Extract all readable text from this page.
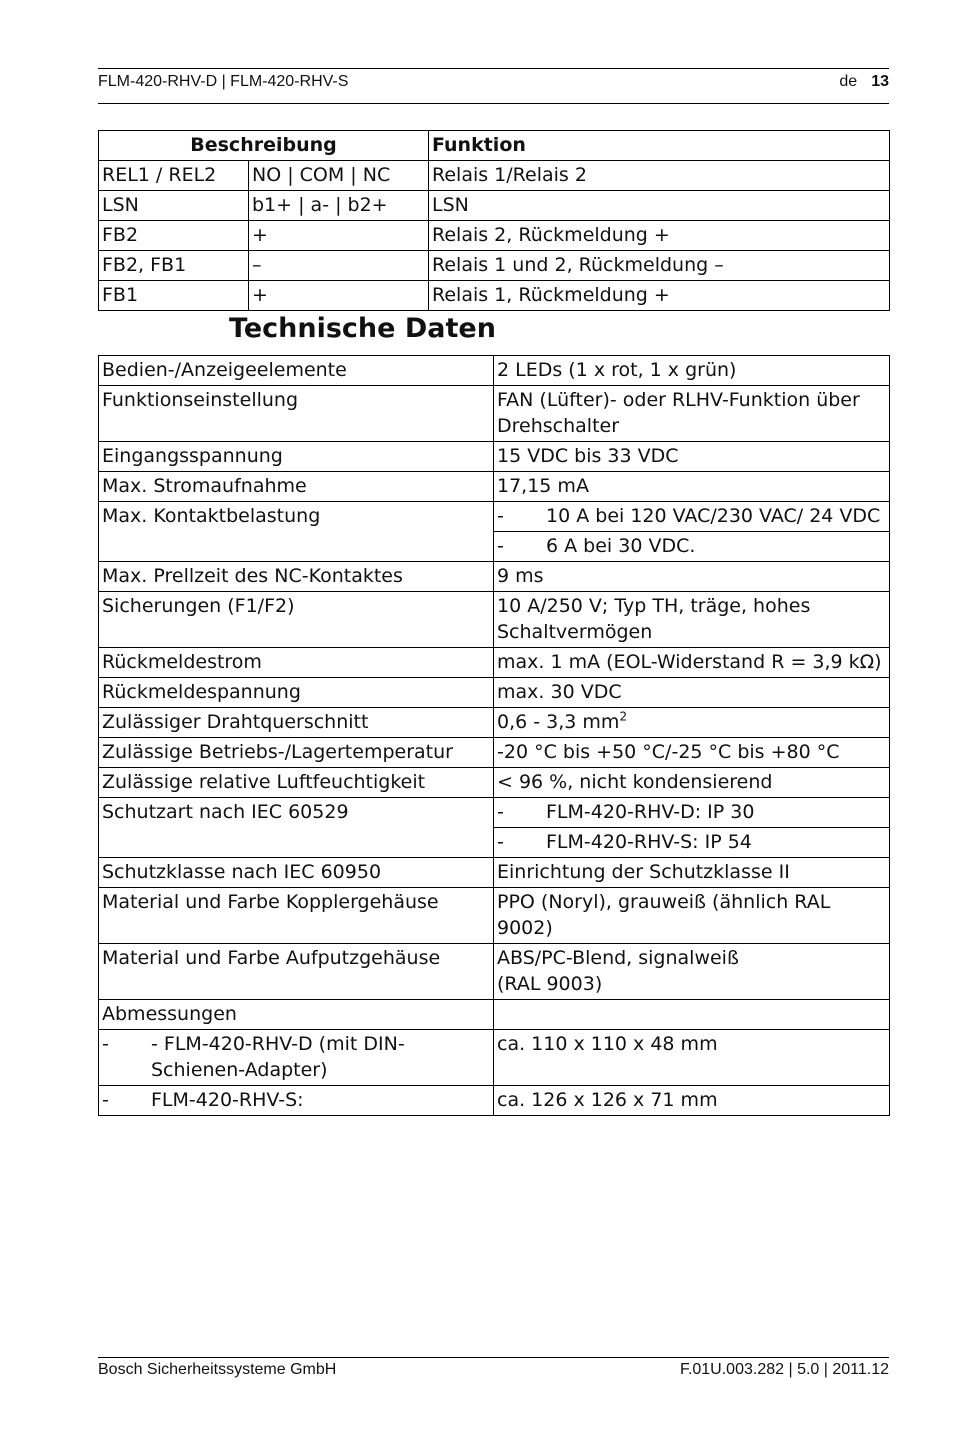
FLM-420-RHV-D | FLM-420-RHV-S	de 13
Beschreibung		Funktion
REL1 / REL2	NO | COM | NC	Relais 1/Relais 2
LSN	b1+ | a- | b2+	LSN
FB2	+	Relais 2, Rückmeldung +
FB2, FB1	–	Relais 1 und 2, Rückmeldung –
FB1	+	Relais 1, Rückmeldung +
Technische Daten
Bedien-/Anzeigeelemente	2 LEDs (1 x rot, 1 x grün)
Funktionseinstellung	FAN (Lüfter)- oder RLHV-Funktion über Drehschalter
Eingangsspannung	15 VDC bis 33 VDC
Max. Stromaufnahme	17,15 mA
Max. Kontaktbelastung	- 10 A bei 120 VAC/230 VAC/ 24 VDC

	- 6 A bei 30 VDC.

Max. Prellzeit des NC-Kontaktes	9 ms
Sicherungen (F1/F2)	10 A/250 V; Typ TH, träge, hohes Schaltvermögen
Rückmeldestrom	max. 1 mA (EOL-Widerstand R = 3,9 kΩ)
Rückmeldespannung	max. 30 VDC
Zulässiger Drahtquerschnitt	0,6 - 3,3 $mm^2$
Zulässige Betriebs-/Lagertemperatur	-20 °C bis +50 °C/-25 °C bis +80 °C
Zulässige relative Luftfeuchtigkeit	< 96 %, nicht kondensierend
Schutzart nach IEC 60529	- FLM-420-RHV-D: IP 30

	- FLM-420-RHV-S: IP 54

Schutzklasse nach IEC 60950	Einrichtung der Schutzklasse II
Material und Farbe Kopplergehäuse	PPO (Noryl), grauweiß (ähnlich RAL 9002)
Material und Farbe Aufputzgehäuse	ABS/PC-Blend, signalweiß
(RAL 9003)
Abmessungen	

- - FLM-420-RHV-D (mit DIN-Schienen-Adapter)	ca. 110 x 110 x 48 mm

- FLM-420-RHV-S:	ca. 126 x 126 x 71 mm
Bosch Sicherheitssysteme GmbH	F.01U.003.282 | 5.0 | 2011.12
